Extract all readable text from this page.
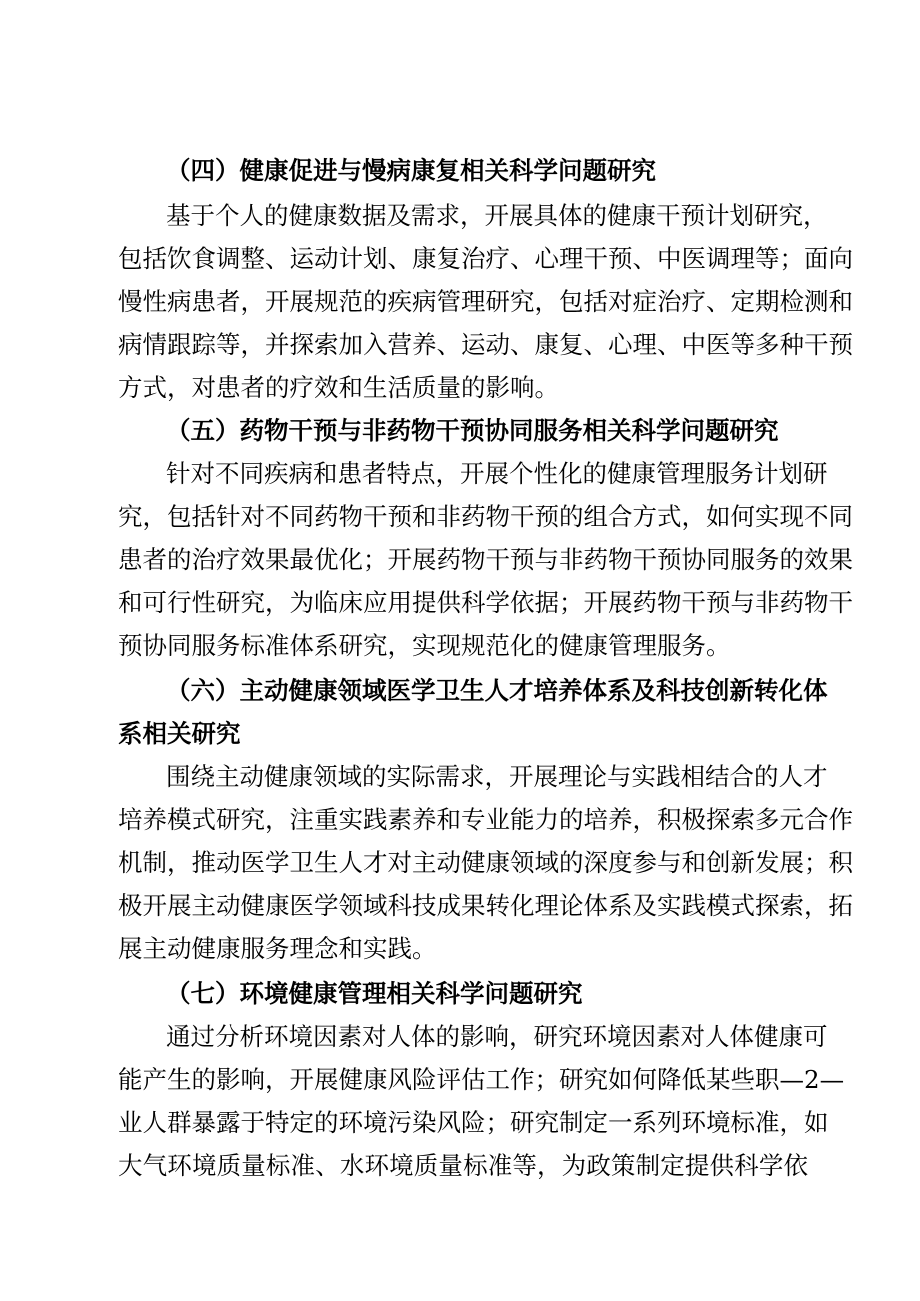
（四）健康促进与慢病康复相关科学问题研究
基于个人的健康数据及需求，开展具体的健康干预计划研究，
包括饮食调整、运动计划、康复治疗、心理干预、中医调理等；面向
慢性病患者，开展规范的疾病管理研究，包括对症治疗、定期检测和
病情跟踪等，并探索加入营养、运动、康复、心理、中医等多种干预
方式，对患者的疗效和生活质量的影响。
（五）药物干预与非药物干预协同服务相关科学问题研究
针对不同疾病和患者特点，开展个性化的健康管理服务计划研
究，包括针对不同药物干预和非药物干预的组合方式，如何实现不同
患者的治疗效果最优化；开展药物干预与非药物干预协同服务的效果
和可行性研究，为临床应用提供科学依据；开展药物干预与非药物干
预协同服务标准体系研究，实现规范化的健康管理服务。
（六）主动健康领域医学卫生人才培养体系及科技创新转化体
系相关研究
围绕主动健康领域的实际需求，开展理论与实践相结合的人才
培养模式研究，注重实践素养和专业能力的培养，积极探索多元合作
机制，推动医学卫生人才对主动健康领域的深度参与和创新发展；积
极开展主动健康医学领域科技成果转化理论体系及实践模式探索，拓
展主动健康服务理念和实践。
（七）环境健康管理相关科学问题研究
通过分析环境因素对人体的影响，研究环境因素对人体健康可
能产生的影响，开展健康风险评估工作；研究如何降低某些职—2—
业人群暴露于特定的环境污染风险；研究制定一系列环境标准，如
大气环境质量标准、水环境质量标准等，为政策制定提供科学依
